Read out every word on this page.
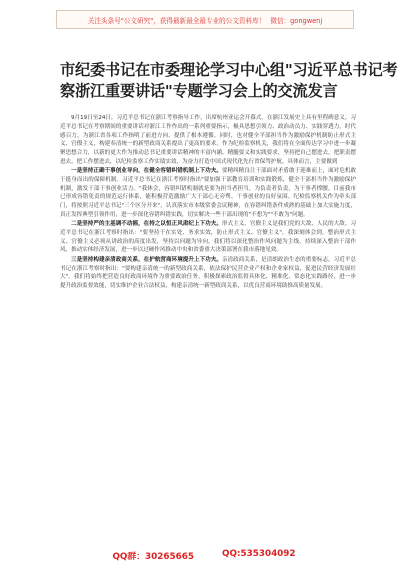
关注头条号"公文研究"，获得最新最全最专业的公文资料库！ 微信：gongwenj
市纪委书记在市委理论学习中心组"习近平总书记考
察浙江重要讲话"专题学习会上的交流发言

9月19日至24日，习近平总书记在浙江考察指导工作，出席杭州亚运会开幕式。在浙江发展史上具有里程碑意义。习近平总书记在考察期间的重要讲话对浙江工作作出的一系列重要指示，极具思想引领力、政治动员力、实践穿透力，时代感召力，为浙江省各项工作指明了前进方向、提供了根本遵循。同时，也对健全平部担当作为激励保护机制防止形式主义、官僚主义，构建奉清统一的新型政商关系提出了更高的要求。作为纪检监察机关，我们将在全面传达学习中进一步凝聚思想合力，以新的更大作为推动总书记重要讲话精神的丰富内涵、精髓要义和实践要求，坚持把自己摆进去，把职责摆进去，把工作摆进去，以纪检监察工作实绩实效，为奋力打造中国式现代化先行省保驾护航。具体而言，主要做到

一是坚持正确干事创业导向，在健全容错纠错机制上下功夫。要精纠精良让干部面对矛盾敢于迎难而上，面对危机敢于挺身而出的保障机制。习近平总书记在浙江考察时指出"要加强干部教育培训和实践锻炼，健全干部担当作为激励保护机制，激发干部干事创业活力。"我体会，容错纠错机制就是要为担当者担当，为负责者负责，为干事者撑腰。目前我市已形成容错免责的规范运行体系，能积极营造激励广大干部心无旁骛、干事创业的良好氛围。纪检监察机关作为牵头部门，将按照习近平总书记"三个区分开来"，认真落实市本级常委会议精神，在容错纠错条件成熟的基础上加大实施力度，真正发挥典型引领作用，进一步深化容错纠错实践，切实解决一些干部出现的"不想为""不敢为"问题。

二是坚持严的主基调不动摇，在持之以恒正风肃纪上下功夫。形式主义、官僚主义是我们党的大敌、人民的大敌。习近平总书记在浙江考察时指出："要坚持干在实处、务求实效，防止形式主义、官僚主义"。我深刻体会到，整治形式主义、官僚主义必须从讲政治的高度出发，坚持以问题为导向。我们将以深化整治作风问题为主线，持续深入整治干部作风、推动实体经济发展，进一步以过硬作风推动中央和省委重大决策部署在我市落地见效。

三是坚持构建亲清政商关系，在护航营商环境提升上下功夫。亲清政商关系，是清朗政治生态的重要标志。习近平总书记在浙江考察时指出："要构建亲清统一的新型政商关系，依法保护民营企业产权和企业家权益，促进民营经济发展壮大"。我们将始终把营造良好政商环境作为重要政治任务，积极探索政治监督具体化、精准化、常态化实践路径，进一步提升政治监督效能，切实维护企业合法权益，构建亲清统一新型政商关系，以优良营商环境助推高质量发展。

QQ群：30265665	QQ:535304092
